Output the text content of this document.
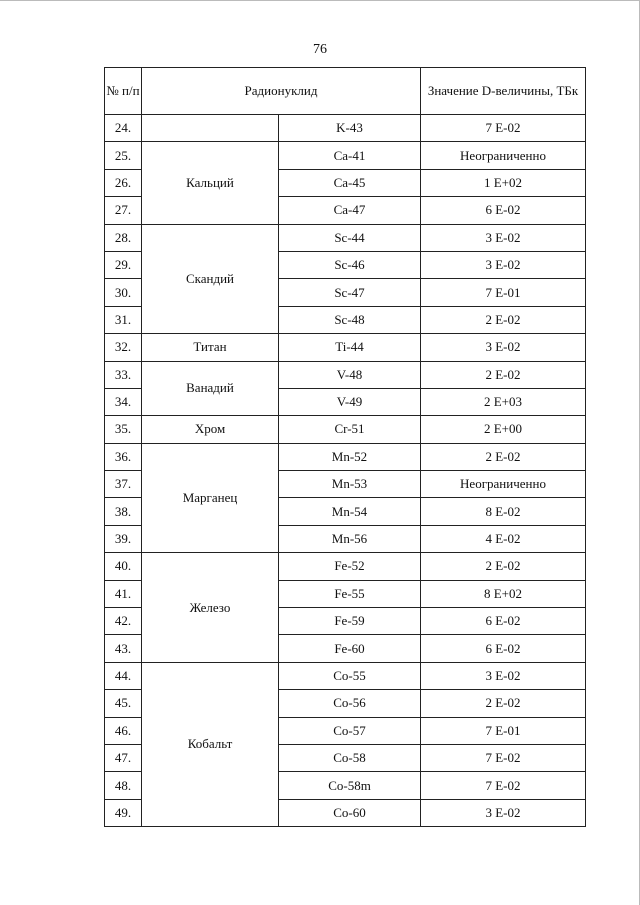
76
№ п/п	Радионуклид		Значение D-величины, ТБк
24.		K-43	7 E-02
25.	Кальций	Ca-41	Неограниченно
26.		Ca-45	1 E+02
27.		Ca-47	6 E-02
28.	Скандий	Sc-44	3 E-02
29.		Sc-46	3 E-02
30.		Sc-47	7 E-01
31.		Sc-48	2 E-02
32.	Титан	Ti-44	3 E-02
33.	Ванадий	V-48	2 E-02
34.		V-49	2 E+03
35.	Хром	Cr-51	2 E+00
36.	Марганец	Mn-52	2 E-02
37.		Mn-53	Неограниченно
38.		Mn-54	8 E-02
39.		Mn-56	4 E-02
40.	Железо	Fe-52	2 E-02
41.		Fe-55	8 E+02
42.		Fe-59	6 E-02
43.		Fe-60	6 E-02
44.	Кобальт	Co-55	3 E-02
45.		Co-56	2 E-02
46.		Co-57	7 E-01
47.		Co-58	7 E-02
48.		Co-58m	7 E-02
49.		Co-60	3 E-02
